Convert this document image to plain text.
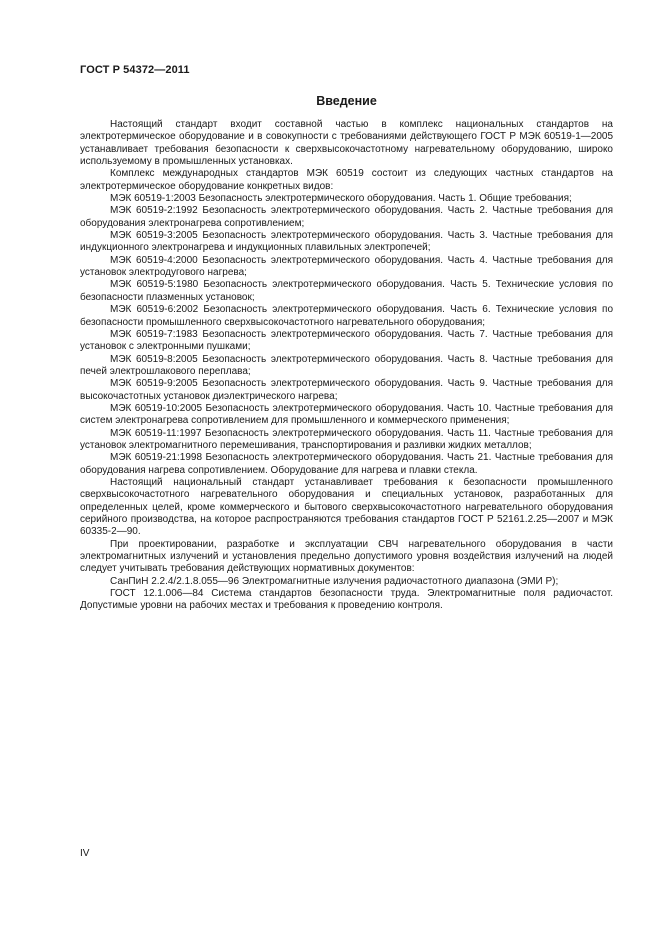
ГОСТ Р 54372—2011
Введение

Настоящий стандарт входит составной частью в комплекс национальных стандартов на электротермическое оборудование и в совокупности с требованиями действующего ГОСТ Р МЭК 60519-1—2005 устанавливает требования безопасности к сверхвысокочастотному нагревательному оборудованию, широко используемому в промышленных установках.

Комплекс международных стандартов МЭК 60519 состоит из следующих частных стандартов на электротермическое оборудование конкретных видов:

МЭК 60519-1:2003 Безопасность электротермического оборудования. Часть 1. Общие требования;

МЭК 60519-2:1992 Безопасность электротермического оборудования. Часть 2. Частные требования для оборудования электронагрева сопротивлением;

МЭК 60519-3:2005 Безопасность электротермического оборудования. Часть 3. Частные требования для индукционного электронагрева и индукционных плавильных электропечей;

МЭК 60519-4:2000 Безопасность электротермического оборудования. Часть 4. Частные требования для установок электродугового нагрева;

МЭК 60519-5:1980 Безопасность электротермического оборудования. Часть 5. Технические условия по безопасности плазменных установок;

МЭК 60519-6:2002 Безопасность электротермического оборудования. Часть 6. Технические условия по безопасности промышленного сверхвысокочастотного нагревательного оборудования;

МЭК 60519-7:1983 Безопасность электротермического оборудования. Часть 7. Частные требования для установок с электронными пушками;

МЭК 60519-8:2005 Безопасность электротермического оборудования. Часть 8. Частные требования для печей электрошлакового переплава;

МЭК 60519-9:2005 Безопасность электротермического оборудования. Часть 9. Частные требования для высокочастотных установок диэлектрического нагрева;

МЭК 60519-10:2005 Безопасность электротермического оборудования. Часть 10. Частные требования для систем электронагрева сопротивлением для промышленного и коммерческого применения;

МЭК 60519-11:1997 Безопасность электротермического оборудования. Часть 11. Частные требования для установок электромагнитного перемешивания, транспортирования и разливки жидких металлов;

МЭК 60519-21:1998 Безопасность электротермического оборудования. Часть 21. Частные требования для оборудования нагрева сопротивлением. Оборудование для нагрева и плавки стекла.

Настоящий национальный стандарт устанавливает требования к безопасности промышленного сверхвысокочастотного нагревательного оборудования и специальных установок, разработанных для определенных целей, кроме коммерческого и бытового сверхвысокочастотного нагревательного оборудования серийного производства, на которое распространяются требования стандартов ГОСТ Р 52161.2.25—2007 и МЭК 60335-2—90.

При проектировании, разработке и эксплуатации СВЧ нагревательного оборудования в части электромагнитных излучений и установления предельно допустимого уровня воздействия излучений на людей следует учитывать требования действующих нормативных документов:

СанПиН 2.2.4/2.1.8.055—96 Электромагнитные излучения радиочастотного диапазона (ЭМИ Р);

ГОСТ 12.1.006—84 Система стандартов безопасности труда. Электромагнитные поля радиочастот. Допустимые уровни на рабочих местах и требования к проведению контроля.

IV
